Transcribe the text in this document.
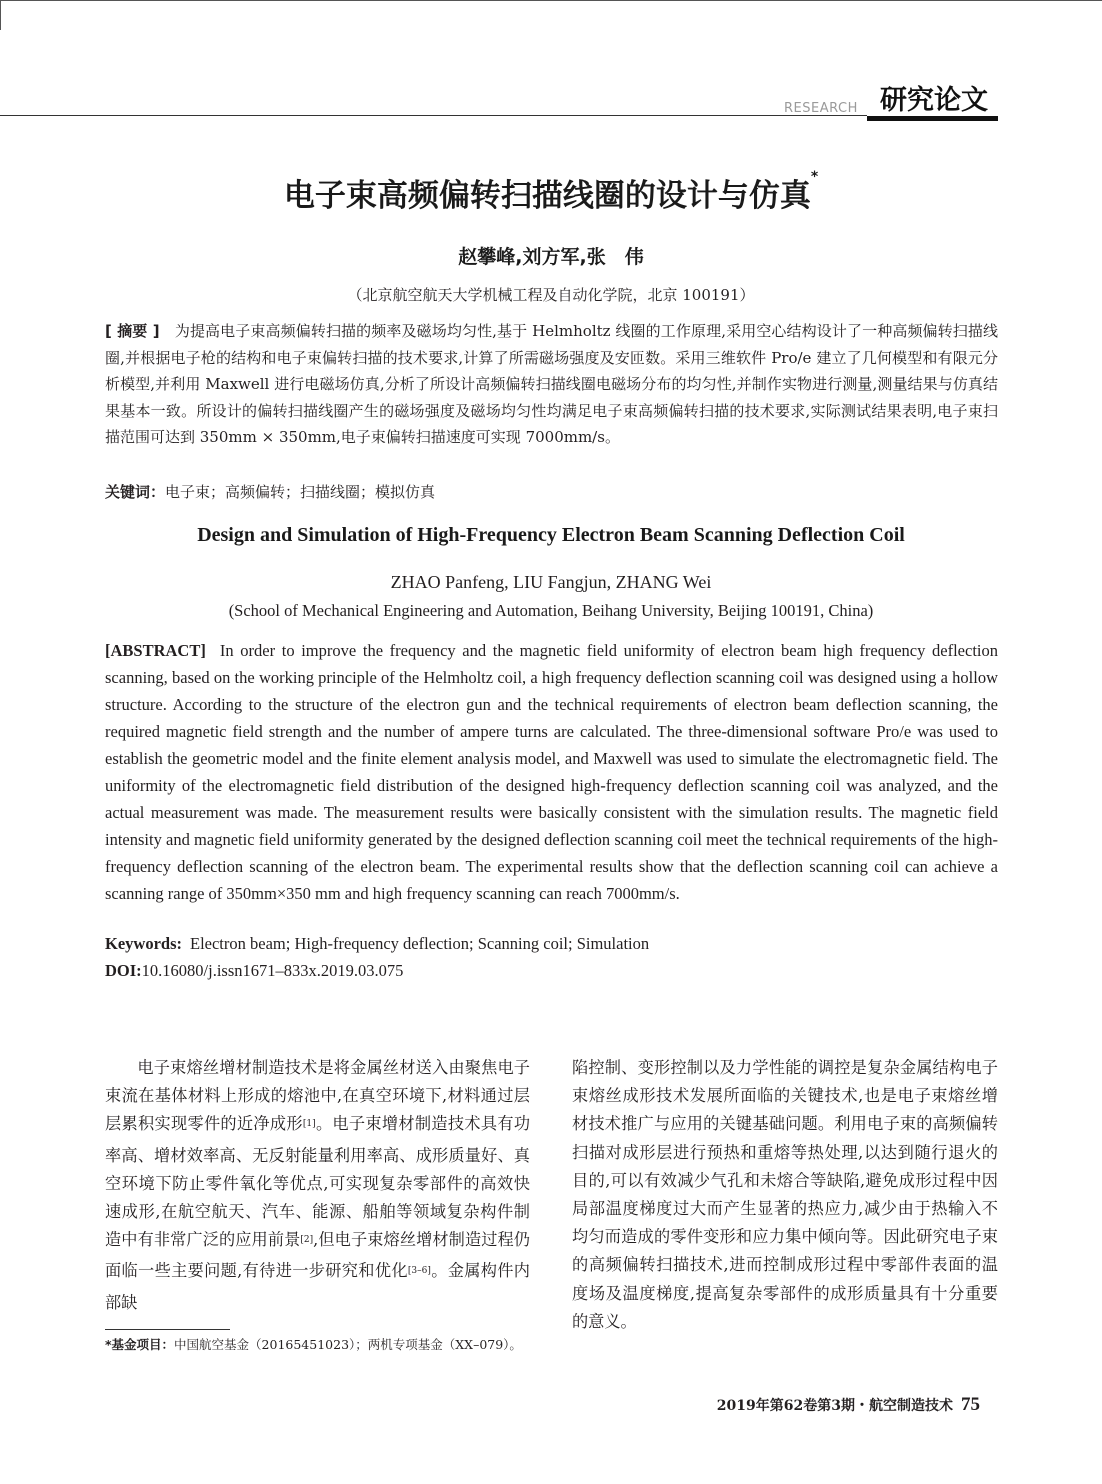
RESEARCH 研究论文
电子束高频偏转扫描线圈的设计与仿真*
赵攀峰,刘方军,张　伟
（北京航空航天大学机械工程及自动化学院，北京 100191）
[ 摘要 ]　为提高电子束高频偏转扫描的频率及磁场均匀性,基于 Helmholtz 线圈的工作原理,采用空心结构设计了一种高频偏转扫描线圈,并根据电子枪的结构和电子束偏转扫描的技术要求,计算了所需磁场强度及安匝数。采用三维软件 Pro/e 建立了几何模型和有限元分析模型,并利用 Maxwell 进行电磁场仿真,分析了所设计高频偏转扫描线圈电磁场分布的均匀性,并制作实物进行测量,测量结果与仿真结果基本一致。所设计的偏转扫描线圈产生的磁场强度及磁场均匀性均满足电子束高频偏转扫描的技术要求,实际测试结果表明,电子束扫描范围可达到 350mm × 350mm,电子束偏转扫描速度可实现 7000mm/s。
关键词：电子束；高频偏转；扫描线圈；模拟仿真
Design and Simulation of High-Frequency Electron Beam Scanning Deflection Coil
ZHAO Panfeng, LIU Fangjun, ZHANG Wei
(School of Mechanical Engineering and Automation, Beihang University, Beijing 100191, China)
[ABSTRACT] In order to improve the frequency and the magnetic field uniformity of electron beam high frequency deflection scanning, based on the working principle of the Helmholtz coil, a high frequency deflection scanning coil was designed using a hollow structure. According to the structure of the electron gun and the technical requirements of electron beam deflection scanning, the required magnetic field strength and the number of ampere turns are calculated. The three-dimensional software Pro/e was used to establish the geometric model and the finite element analysis model, and Maxwell was used to simulate the electromagnetic field. The uniformity of the electromagnetic field distribution of the designed high-frequency deflection scanning coil was analyzed, and the actual measurement was made. The measurement results were basically consistent with the simulation results. The magnetic field intensity and magnetic field uniformity generated by the designed deflection scanning coil meet the technical requirements of the high-frequency deflection scanning of the electron beam. The experimental results show that the deflection scanning coil can achieve a scanning range of 350mm×350 mm and high frequency scanning can reach 7000mm/s.
Keywords: Electron beam; High-frequency deflection; Scanning coil; Simulation
DOI:10.16080/j.issn1671–833x.2019.03.075
电子束熔丝增材制造技术是将金属丝材送入由聚焦电子束流在基体材料上形成的熔池中,在真空环境下,材料通过层层累积实现零件的近净成形[1]。电子束增材制造技术具有功率高、增材效率高、无反射能量利用率高、成形质量好、真空环境下防止零件氧化等优点,可实现复杂零部件的高效快速成形,在航空航天、汽车、能源、船舶等领域复杂构件制造中有非常广泛的应用前景[2],但电子束熔丝增材制造过程仍面临一些主要问题,有待进一步研究和优化[3–6]。金属构件内部缺
陷控制、变形控制以及力学性能的调控是复杂金属结构电子束熔丝成形技术发展所面临的关键技术,也是电子束熔丝增材技术推广与应用的关键基础问题。利用电子束的高频偏转扫描对成形层进行预热和重熔等热处理,以达到随行退火的目的,可以有效减少气孔和未熔合等缺陷,避免成形过程中因局部温度梯度过大而产生显著的热应力,减少由于热输入不均匀而造成的零件变形和应力集中倾向等。因此研究电子束的高频偏转扫描技术,进而控制成形过程中零部件表面的温度场及温度梯度,提高复杂零部件的成形质量具有十分重要的意义。
*基金项目：中国航空基金（20165451023）；两机专项基金（XX–079）。
2019年第62卷第3期・航空制造技术 75
